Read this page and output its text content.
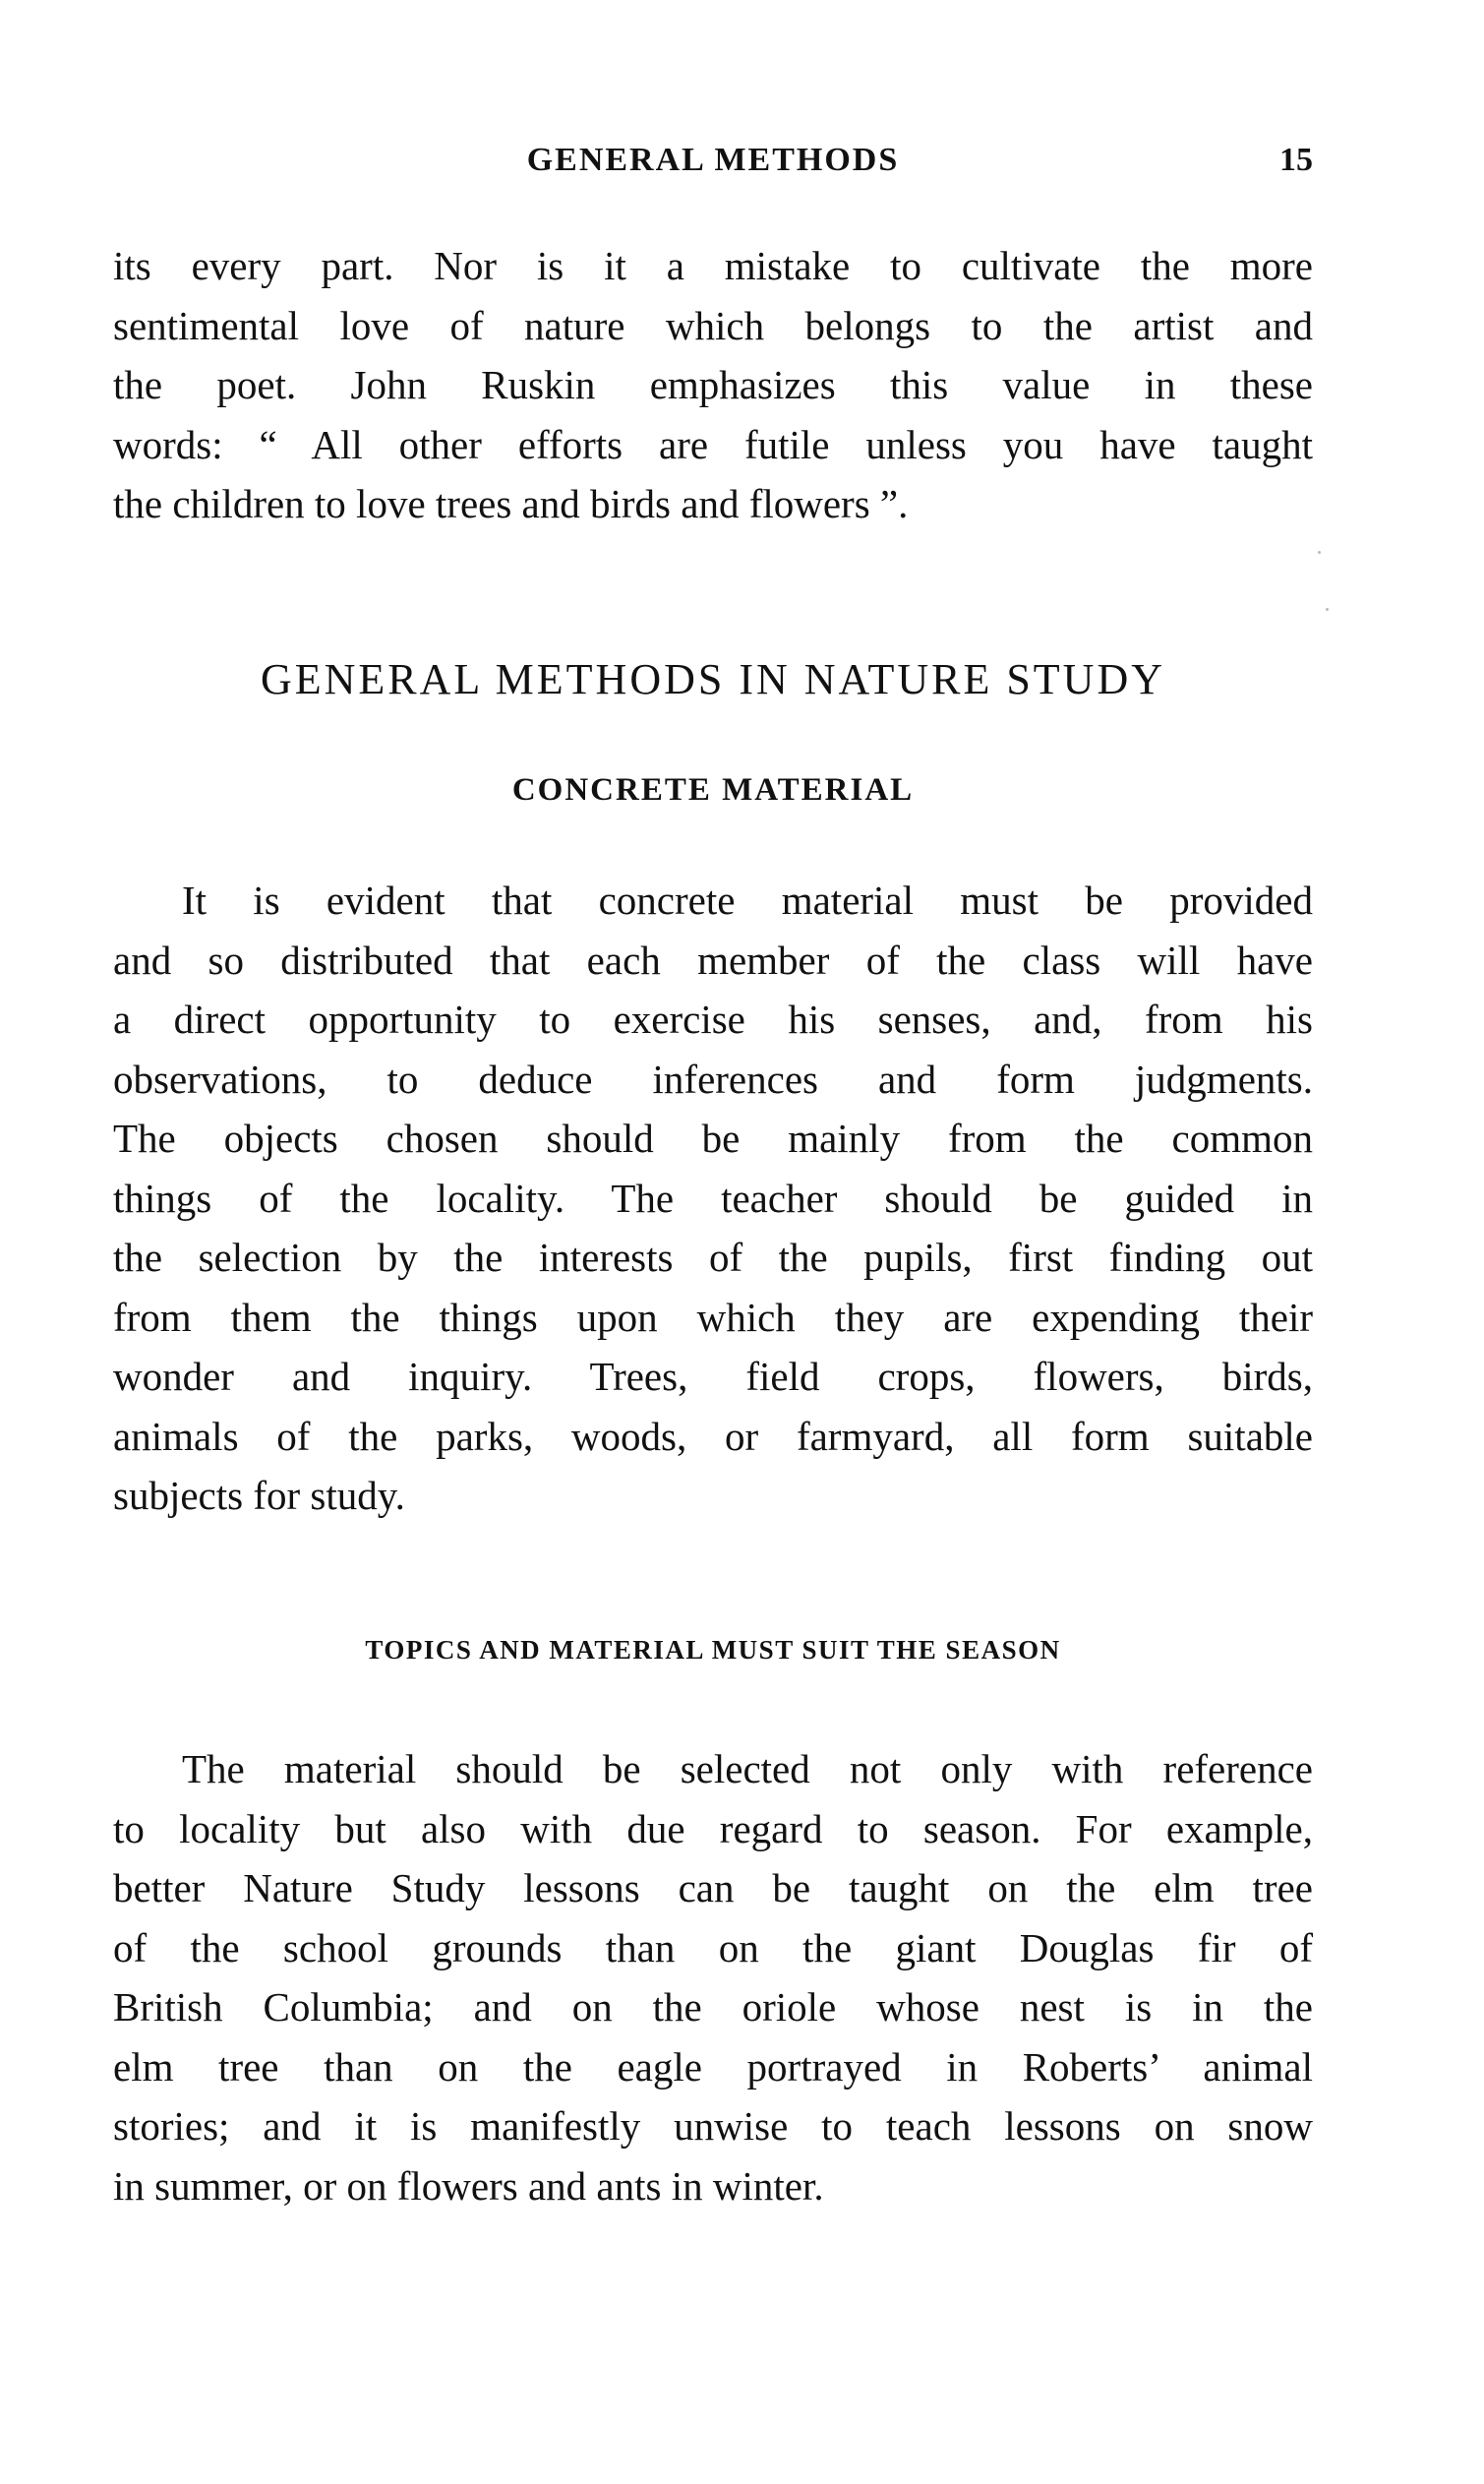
GENERAL METHODS	15

its every part. Nor is it a mistake to cultivate the more
sentimental love of nature which belongs to the artist and
the poet. John Ruskin emphasizes this value in these
words: “ All other efforts are futile unless you have taught
the children to love trees and birds and flowers ”.

GENERAL METHODS IN NATURE STUDY
CONCRETE MATERIAL

It is evident that concrete material must be provided
and so distributed that each member of the class will have
a direct opportunity to exercise his senses, and, from his
observations, to deduce inferences and form judgments.
The objects chosen should be mainly from the common
things of the locality. The teacher should be guided in
the selection by the interests of the pupils, first finding out
from them the things upon which they are expending their
wonder and inquiry. Trees, field crops, flowers, birds,
animals of the parks, woods, or farmyard, all form suitable
subjects for study.

TOPICS AND MATERIAL MUST SUIT THE SEASON

The material should be selected not only with reference
to locality but also with due regard to season. For example,
better Nature Study lessons can be taught on the elm tree
of the school grounds than on the giant Douglas fir of
British Columbia; and on the oriole whose nest is in the
elm tree than on the eagle portrayed in Roberts’ animal
stories; and it is manifestly unwise to teach lessons on snow
in summer, or on flowers and ants in winter.
